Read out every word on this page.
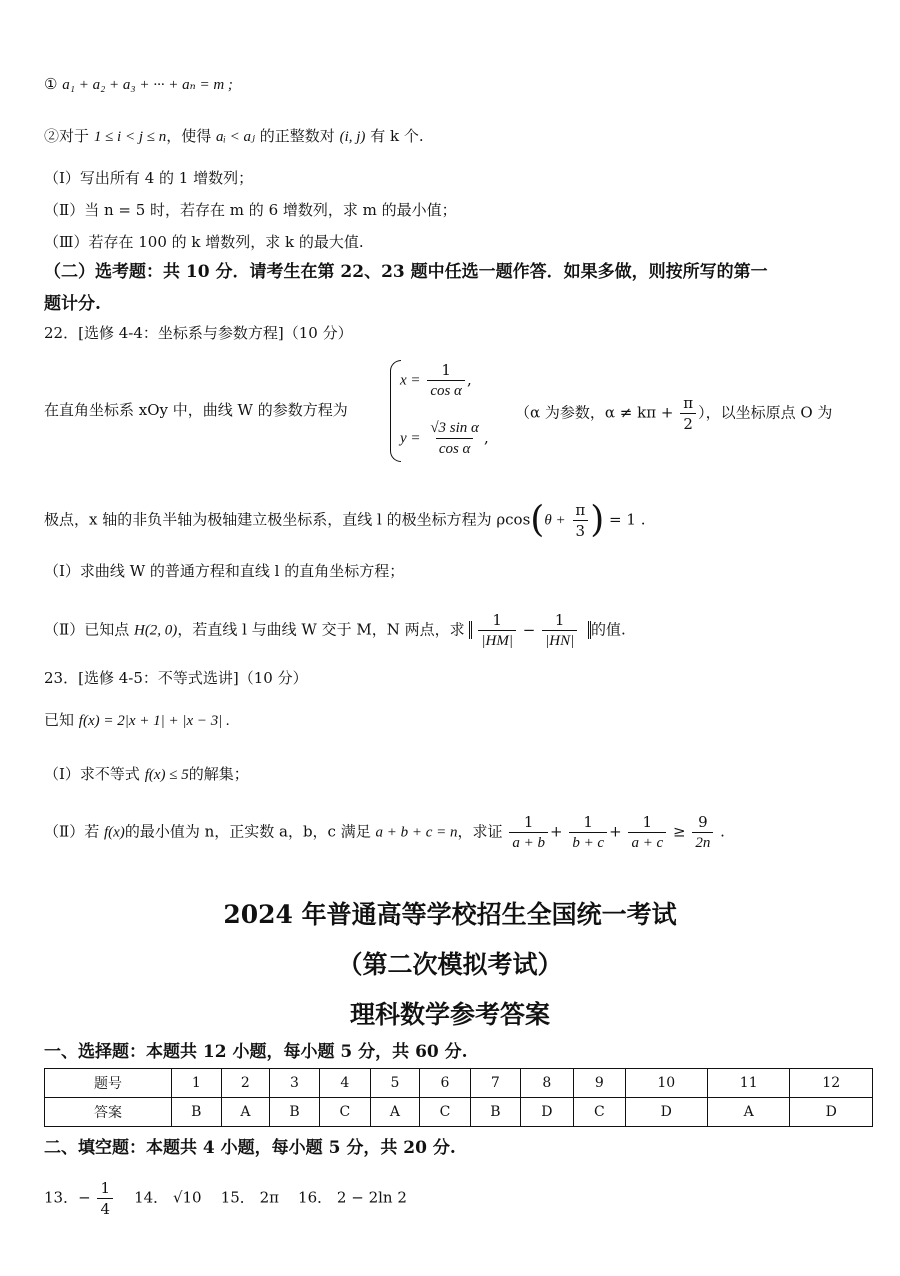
① a₁ + a₂ + a₃ + ··· + aₙ = m ;
②对于 1 ≤ i < j ≤ n，使得 aᵢ < aⱼ 的正整数对 (i, j) 有 k 个.
（Ⅰ）写出所有 4 的 1 增数列；
（Ⅱ）当 n = 5 时，若存在 m 的 6 增数列，求 m 的最小值；
（Ⅲ）若存在 100 的 k 增数列，求 k 的最大值.
（二）选考题：共 10 分．请考生在第 22、23 题中任选一题作答．如果多做，则按所写的第一
题计分.
22．[选修 4-4：坐标系与参数方程]（10 分）
在直角坐标系 xOy 中，曲线 W 的参数方程为
$x = \frac{1}{\text{cos α}}$ ,
$y = \frac{\text{√3 sin α}}{\text{cos α}}$ ,
（α 为参数，$\alpha \ne k\pi + \frac{\pi}{2}$ ），以坐标原点 O 为
极点，x 轴的非负半轴为极轴建立极坐标系，直线 l 的极坐标方程为 $\rho\cos(\theta + \frac{\pi}{3}$ ) = 1 .
（Ⅰ）求曲线 W 的普通方程和直线 l 的直角坐标方程；
（Ⅱ）已知点 H(2, 0)，若直线 l 与曲线 W 交于 M，N 两点，求 $\frac{1}{|HM|} - \frac{1}{|HN|}$ 的值.
23．[选修 4-5：不等式选讲]（10 分）
已知 f(x) = 2|x + 1| + |x − 3| .
（Ⅰ）求不等式 f(x) ≤ 5的解集；
（Ⅱ）若 f(x)的最小值为 n，正实数 a，b，c 满足 a + b + c = n，求证 $\frac{1}{a + b} + \frac{1}{b + c} + \frac{1}{a + c} \ge \frac{9}{2n}$ .
2024 年普通高等学校招生全国统一考试
（第二次模拟考试）
理科数学参考答案
一、选择题：本题共 12 小题，每小题 5 分，共 60 分.
题号	1	2	3	4	5	6	7	8	9	10	11	12
答案	B	A	B	C	A	C	B	D	C	D	A	D
二、填空题：本题共 4 小题，每小题 5 分，共 20 分.
13．− $\frac{1}{4} 14$． √10 15． 2π 16． 2 − 2ln 2
